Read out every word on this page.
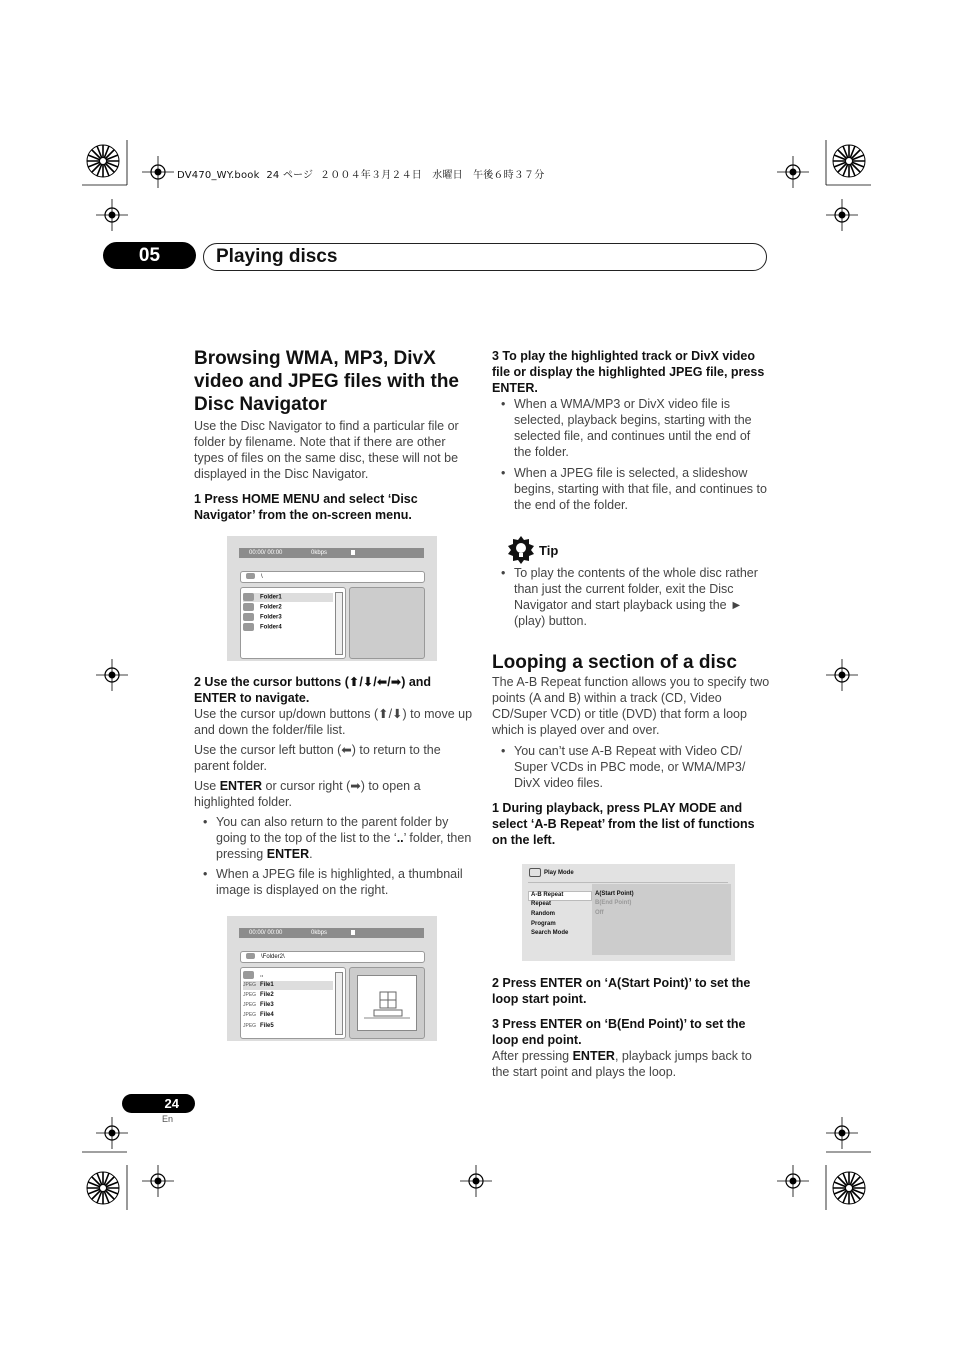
DV470_WY.book  24 ページ  ２００４年３月２４日　水曜日　午後６時３７分
05	Playing discs
Browsing WMA, MP3, DivX
video and JPEG files with the
Disc Navigator

Use the Disc Navigator to find a particular file or folder by filename. Note that if there are other types of files on the same disc, these will not be displayed in the Disc Navigator.

1 Press HOME MENU and select ‘Disc Navigator’ from the on-screen menu.

00:00/ 00:00	0kbps
\
Folder1
Folder2
Folder3
Folder4

2 Use the cursor buttons (⬆/⬇/⬅/➡) and ENTER to navigate.

Use the cursor up/down buttons (⬆/⬇) to move up and down the folder/file list.

Use the cursor left button (⬅) to return to the parent folder.

Use ENTER or cursor right (➡) to open a highlighted folder.

• You can also return to the parent folder by going to the top of the list to the ‘..’ folder, then pressing ENTER.
• When a JPEG file is highlighted, a thumbnail image is displayed on the right.
00:00/ 00:00	0kbps
\Folder2\
..
JPEG File1
JPEG File2
JPEG File3
JPEG File4
JPEG File5

3 To play the highlighted track or DivX video file or display the highlighted JPEG file, press ENTER.

• When a WMA/MP3 or DivX video file is selected, playback begins, starting with the selected file, and continues until the end of the folder.
• When a JPEG file is selected, a slideshow begins, starting with that file, and continues to the end of the folder.
Tip
• To play the contents of the whole disc rather than just the current folder, exit the Disc Navigator and start playback using the ► (play) button.
Looping a section of a disc

The A-B Repeat function allows you to specify two points (A and B) within a track (CD, Video CD/Super VCD) or title (DVD) that form a loop which is played over and over.

• You can’t use A-B Repeat with Video CD/ Super VCDs in PBC mode, or WMA/MP3/ DivX video files.

1 During playback, press PLAY MODE and select ‘A-B Repeat’ from the list of functions on the left.

Play Mode
A-B Repeat
Repeat
Random
Program
Search Mode
A(Start Point)
B(End Point)
Off

2 Press ENTER on ‘A(Start Point)’ to set the loop start point.

3 Press ENTER on ‘B(End Point)’ to set the loop end point.

After pressing ENTER, playback jumps back to the start point and plays the loop.

24
En
